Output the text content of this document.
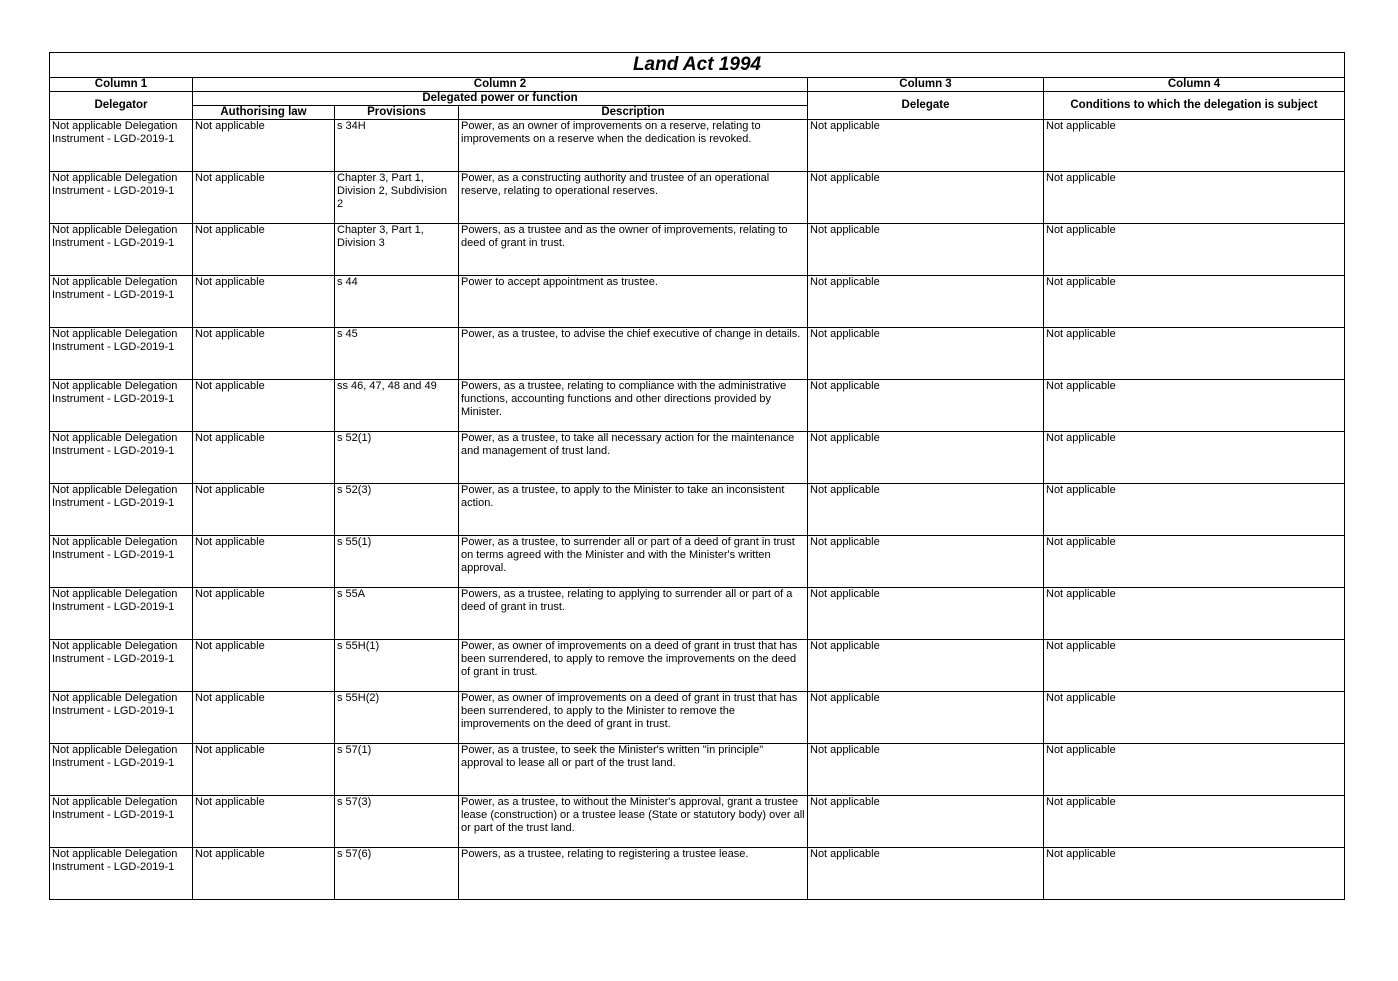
Land Act 1994					
Column 1	Column 2			Column 3	Column 4
Delegator	Delegated power or function			Delegate	Conditions to which the delegation is subject
	Authorising law	Provisions	Description		
Not applicable Delegation Instrument - LGD-2019-1	Not applicable	s 34H	Power, as an owner of improvements on a reserve, relating to improvements on a reserve when the dedication is revoked.	Not applicable	Not applicable
Not applicable Delegation Instrument - LGD-2019-1	Not applicable	Chapter 3, Part 1, Division 2, Subdivision 2	Power, as a constructing authority and trustee of an operational reserve, relating to operational reserves.	Not applicable	Not applicable
Not applicable Delegation Instrument - LGD-2019-1	Not applicable	Chapter 3, Part 1, Division 3	Powers, as a trustee and as the owner of improvements, relating to deed of grant in trust.	Not applicable	Not applicable
Not applicable Delegation Instrument - LGD-2019-1	Not applicable	s 44	Power to accept appointment as trustee.	Not applicable	Not applicable
Not applicable Delegation Instrument - LGD-2019-1	Not applicable	s 45	Power, as a trustee, to advise the chief executive of change in details.	Not applicable	Not applicable
Not applicable Delegation Instrument - LGD-2019-1	Not applicable	ss 46, 47, 48 and 49	Powers, as a trustee, relating to compliance with the administrative functions, accounting functions and other directions provided by Minister.	Not applicable	Not applicable
Not applicable Delegation Instrument - LGD-2019-1	Not applicable	s 52(1)	Power, as a trustee, to take all necessary action for the maintenance and management of trust land.	Not applicable	Not applicable
Not applicable Delegation Instrument - LGD-2019-1	Not applicable	s 52(3)	Power, as a trustee, to apply to the Minister to take an inconsistent action.	Not applicable	Not applicable
Not applicable Delegation Instrument - LGD-2019-1	Not applicable	s 55(1)	Power, as a trustee, to surrender all or part of a deed of grant in trust on terms agreed with the Minister and with the Minister's written approval.	Not applicable	Not applicable
Not applicable Delegation Instrument - LGD-2019-1	Not applicable	s 55A	Powers, as a trustee, relating to applying to surrender all or part of a deed of grant in trust.	Not applicable	Not applicable
Not applicable Delegation Instrument - LGD-2019-1	Not applicable	s 55H(1)	Power, as owner of improvements on a deed of grant in trust that has been surrendered, to apply to remove the improvements on the deed of grant in trust.	Not applicable	Not applicable
Not applicable Delegation Instrument - LGD-2019-1	Not applicable	s 55H(2)	Power, as owner of improvements on a deed of grant in trust that has been surrendered, to apply to the Minister to remove the improvements on the deed of grant in trust.	Not applicable	Not applicable
Not applicable Delegation Instrument - LGD-2019-1	Not applicable	s 57(1)	Power, as a trustee, to seek the Minister's written "in principle" approval to lease all or part of the trust land.	Not applicable	Not applicable
Not applicable Delegation Instrument - LGD-2019-1	Not applicable	s 57(3)	Power, as a trustee, to without the Minister's approval, grant a trustee lease (construction) or a trustee lease (State or statutory body) over all or part of the trust land.	Not applicable	Not applicable
Not applicable Delegation Instrument - LGD-2019-1	Not applicable	s 57(6)	Powers, as a trustee, relating to registering a trustee lease.	Not applicable	Not applicable
